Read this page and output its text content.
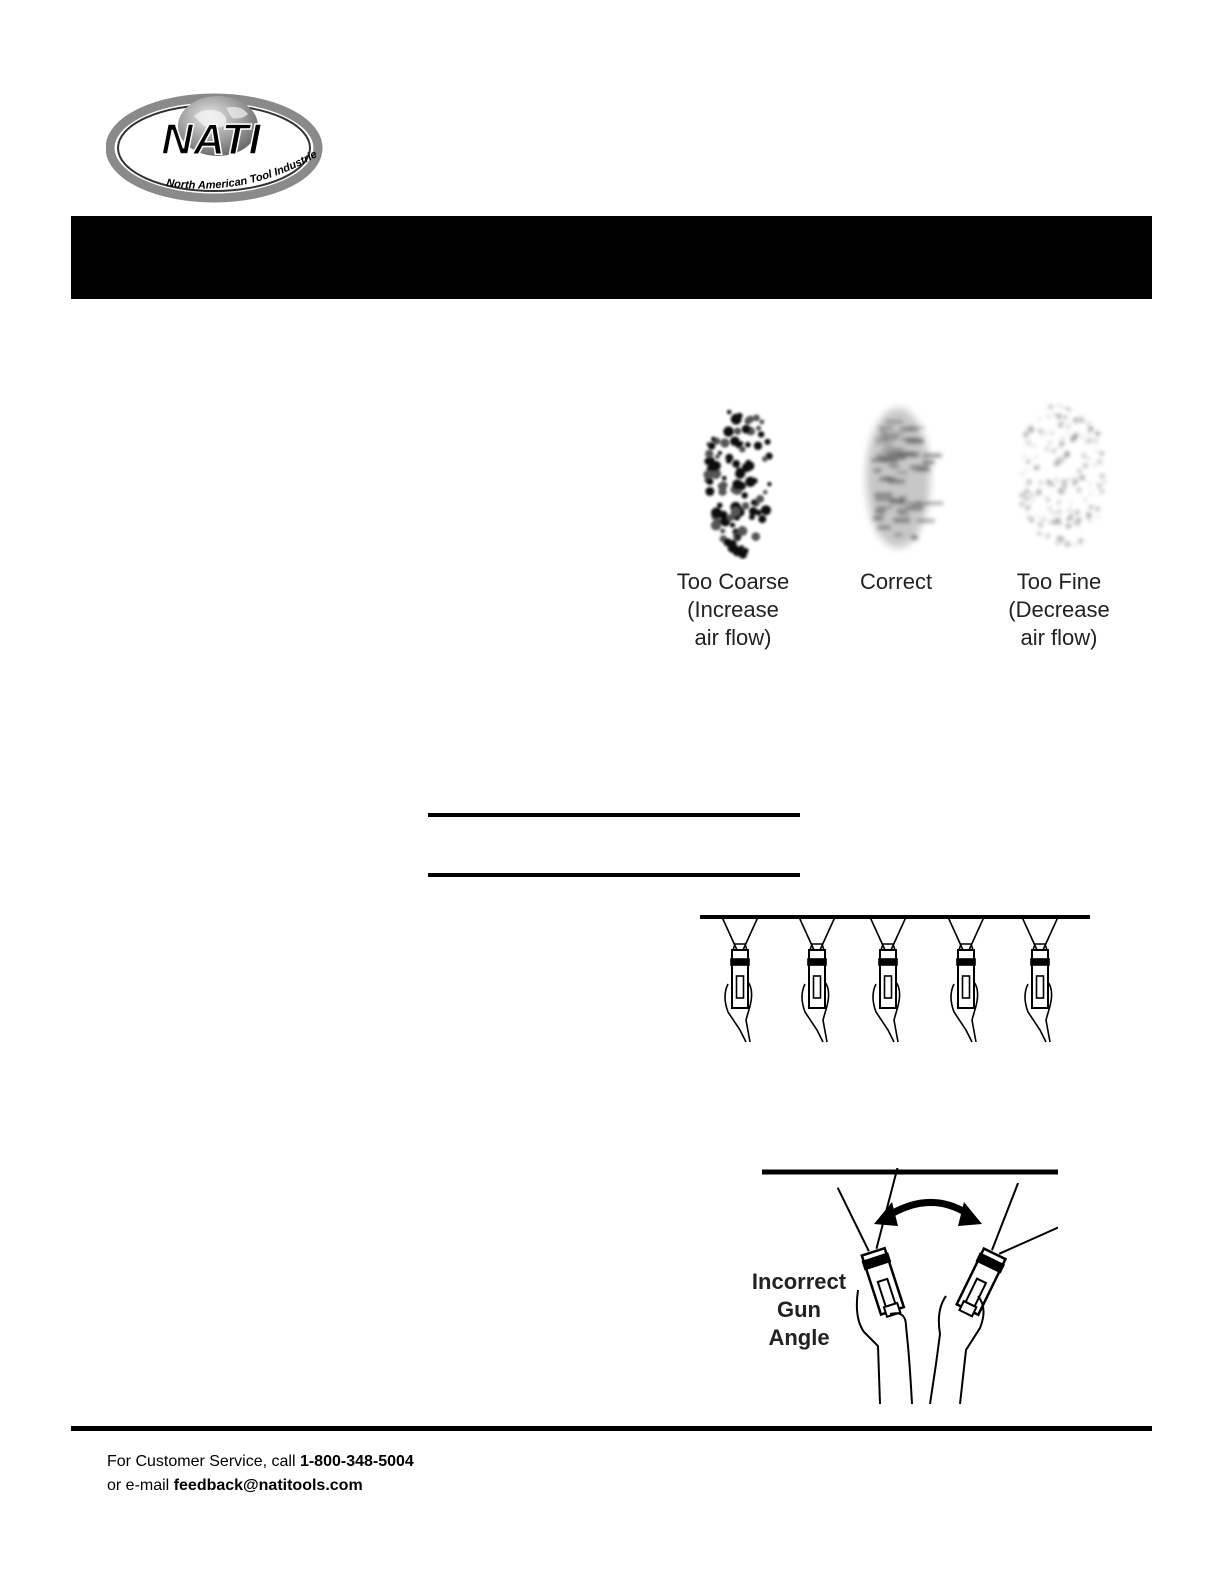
NATI
North American Tool Industrie
Too Coarse
(Increase
air flow)
Correct	Too Fine
(Decrease
air flow)
Incorrect
Gun
Angle
For Customer Service, call 1-800-348-5004
or e-mail feedback@natitools.com
